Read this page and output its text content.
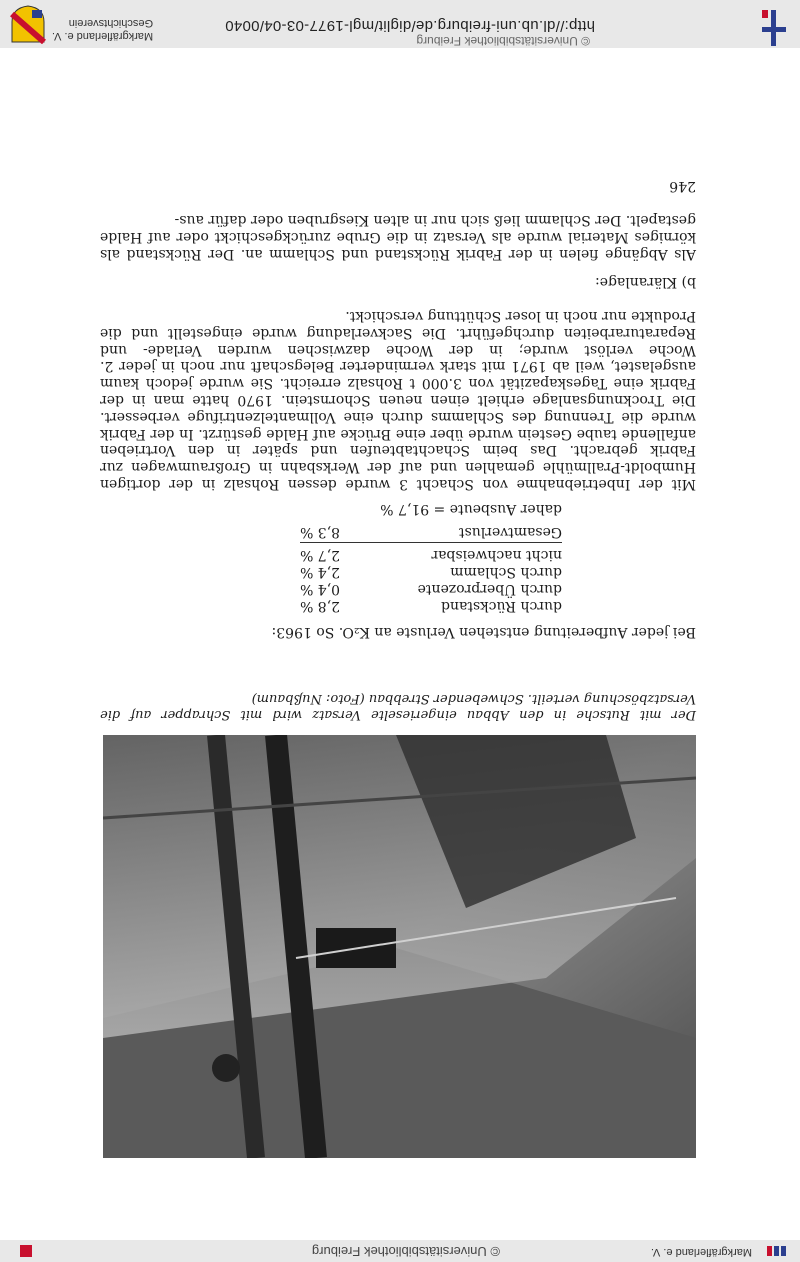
Markgräflerland e. V.
© Universitätsbibliothek Freiburg
Der mit Rutsche in den Abbau eingerieselte Versatz wird mit Schrapper auf die Versatzböschung verteilt. Schwebender Strebbau (Foto: Nußbaum)
Bei jeder Aufbereitung entstehen Verluste an K₂O. So 1963:
durch Rückstand
2,8 %
durch Überprozente
0,4 %
durch Schlamm
2,4 %
nicht nachweisbar
2,7 %
Gesamtverlust
8,3 %
daher Ausbeute = 91,7 %
Mit der Inbetriebnahme von Schacht 3 wurde dessen Rohsalz in der dortigen Humboldt-Prallmühle gemahlen und auf der Werksbahn in Großraumwagen zur Fabrik gebracht. Das beim Schachtabteufen und später in den Vortrieben anfallende taube Gestein wurde über eine Brücke auf Halde gestürzt. In der Fabrik wurde die Trennung des Schlamms durch eine Vollmantelzentrifuge verbessert. Die Trocknungsanlage erhielt einen neuen Schornstein. 1970 hatte man in der Fabrik eine Tageskapazität von 3.000 t Rohsalz erreicht. Sie wurde jedoch kaum ausgelastet, weil ab 1971 mit stark verminderter Belegschaft nur noch in jeder 2. Woche verlöst wurde; in der Woche dazwischen wurden Verlade- und Reparaturarbeiten durchgeführt. Die Sackverladung wurde eingestellt und die Produkte nur noch in loser Schüttung verschickt.
b) Kläranlage:
Als Abgänge fielen in der Fabrik Rückstand und Schlamm an. Der Rückstand als körniges Material wurde als Versatz in die Grube zurückgeschickt oder auf Halde gestapelt. Der Schlamm ließ sich nur in alten Kiesgruben oder dafür aus-
246
© Universitätsbibliothek Freiburg
http://dl.ub.uni-freiburg.de/diglit/mgl-1977-03-04/0040
Markgräflerland e. V.
Geschichtsverein
